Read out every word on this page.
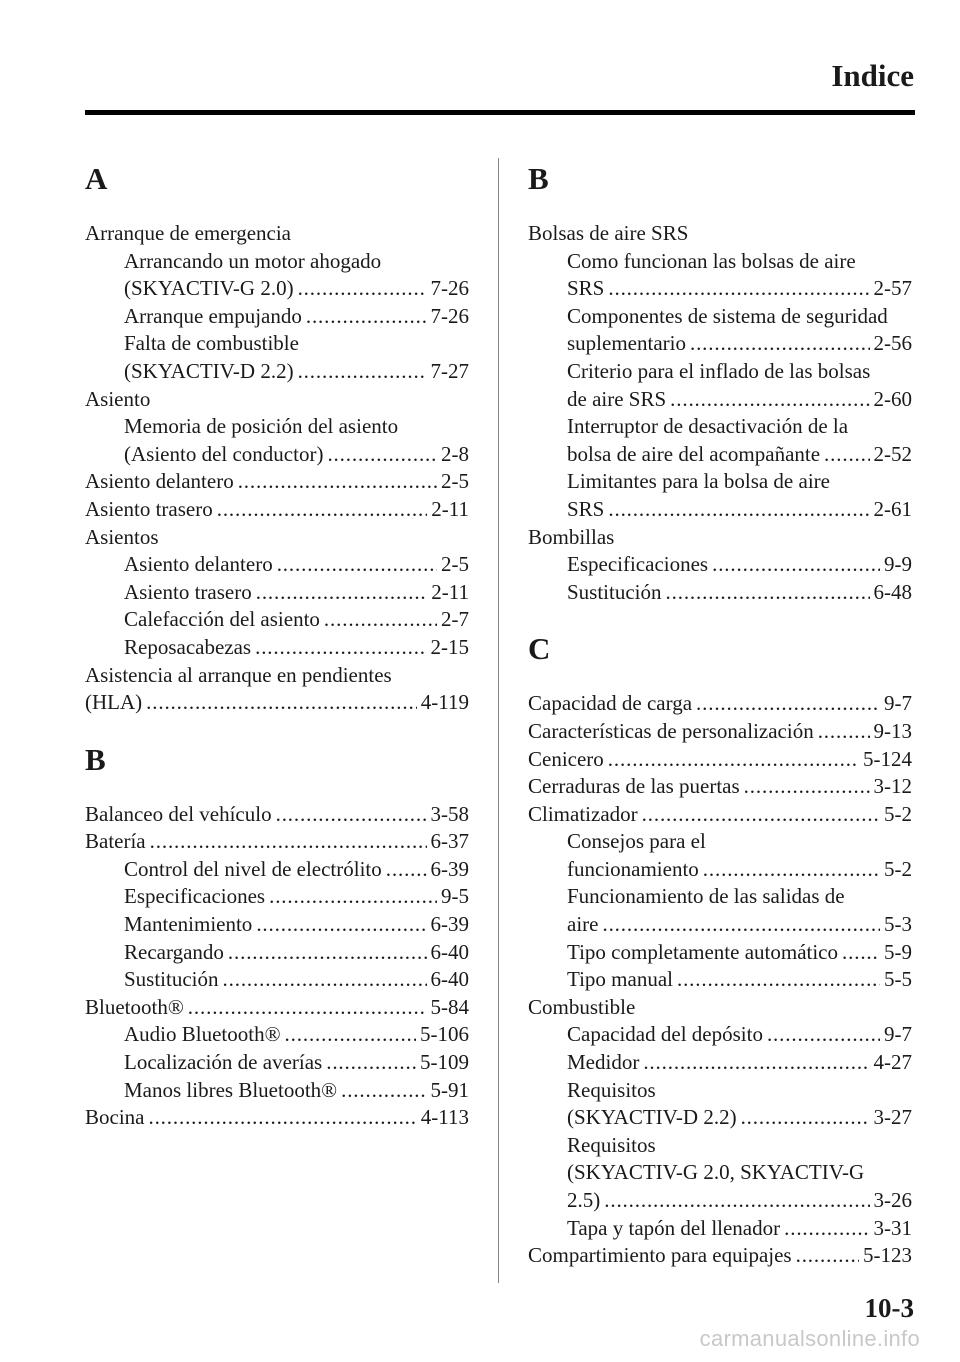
Indice
A
Arranque de emergencia
Arrancando un motor ahogado
(SKYACTIV-G 2.0) . . .	7-26
Arranque empujando . . .	7-26
Falta de combustible
(SKYACTIV-D 2.2) . . .	7-27
Asiento
Memoria de posición del asiento
(Asiento del conductor) . . .	2-8
Asiento delantero . . .	2-5
Asiento trasero . . .	2-11
Asientos
Asiento delantero . . .	2-5
Asiento trasero . . .	2-11
Calefacción del asiento . . .	2-7
Reposacabezas . . .	2-15
Asistencia al arranque en pendientes
(HLA) . . .	4-119
B
Balanceo del vehículo . . .	3-58
Batería . . .	6-37
Control del nivel de electrólito . . . 6-39
Especificaciones . . .	9-5
Mantenimiento . . .	6-39
Recargando . . .	6-40
Sustitución . . .	6-40
Bluetooth® . . .	5-84
Audio Bluetooth® . . .	5-106
Localización de averías . . .	5-109
Manos libres Bluetooth® . . .	5-91
Bocina . . .	4-113
B
Bolsas de aire SRS
Como funcionan las bolsas de aire
SRS . . .	2-57
Componentes de sistema de seguridad
suplementario . . .	2-56
Criterio para el inflado de las bolsas
de aire SRS . . .	2-60
Interruptor de desactivación de la
bolsa de aire del acompañante . . .	2-52
Limitantes para la bolsa de aire
SRS . . .	2-61
Bombillas
Especificaciones . . .	9-9
Sustitución . . .	6-48
C
Capacidad de carga . . .	9-7
Características de personalización . . .	9-13
Cenicero . . .	5-124
Cerraduras de las puertas . . .	3-12
Climatizador . . .	5-2
Consejos para el
funcionamiento . . .	5-2
Funcionamiento de las salidas de
aire . . .	5-3
Tipo completamente automático . . . 5-9
Tipo manual . . .	5-5
Combustible
Capacidad del depósito . . .	9-7
Medidor . . .	4-27
Requisitos
(SKYACTIV-D 2.2) . . .	3-27
Requisitos
(SKYACTIV-G 2.0, SKYACTIV-G
2.5) . . .	3-26
Tapa y tapón del llenador . . .	3-31
Compartimiento para equipajes . . .	5-123
10-3
carmanualsonline.info
